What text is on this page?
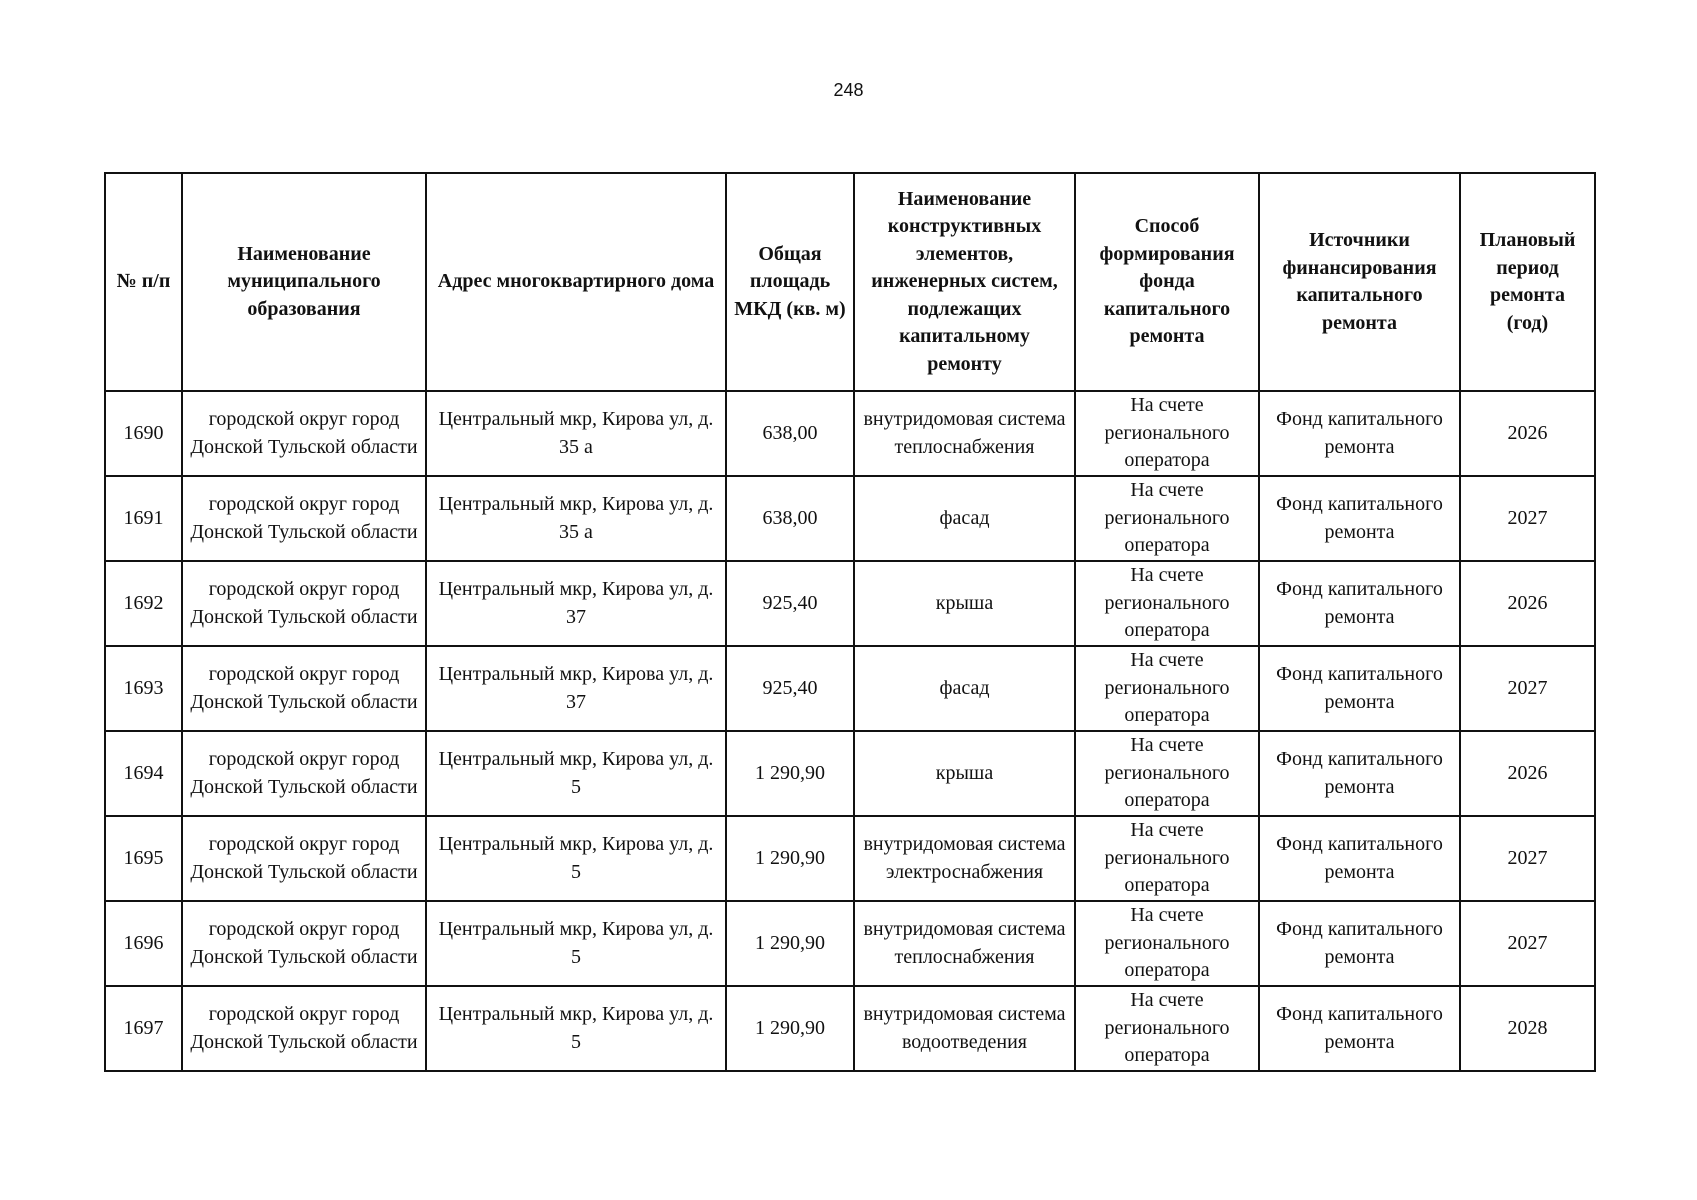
248
№ п/п	Наименование муниципального образования	Адрес многоквартирного дома	Общая площадь МКД (кв. м)	Наименование конструктивных элементов, инженерных систем, подлежащих капитальному ремонту	Способ формирования фонда капитального ремонта	Источники финансирования капитального ремонта	Плановый период ремонта (год)
1690	городской округ город Донской Тульской области	Центральный мкр, Кирова ул, д. 35 а	638,00	внутридомовая система теплоснабжения	На счете регионального оператора	Фонд капитального ремонта	2026
1691	городской округ город Донской Тульской области	Центральный мкр, Кирова ул, д. 35 а	638,00	фасад	На счете регионального оператора	Фонд капитального ремонта	2027
1692	городской округ город Донской Тульской области	Центральный мкр, Кирова ул, д. 37	925,40	крыша	На счете регионального оператора	Фонд капитального ремонта	2026
1693	городской округ город Донской Тульской области	Центральный мкр, Кирова ул, д. 37	925,40	фасад	На счете регионального оператора	Фонд капитального ремонта	2027
1694	городской округ город Донской Тульской области	Центральный мкр, Кирова ул, д. 5	1 290,90	крыша	На счете регионального оператора	Фонд капитального ремонта	2026
1695	городской округ город Донской Тульской области	Центральный мкр, Кирова ул, д. 5	1 290,90	внутридомовая система электроснабжения	На счете регионального оператора	Фонд капитального ремонта	2027
1696	городской округ город Донской Тульской области	Центральный мкр, Кирова ул, д. 5	1 290,90	внутридомовая система теплоснабжения	На счете регионального оператора	Фонд капитального ремонта	2027
1697	городской округ город Донской Тульской области	Центральный мкр, Кирова ул, д. 5	1 290,90	внутридомовая система водоотведения	На счете регионального оператора	Фонд капитального ремонта	2028
